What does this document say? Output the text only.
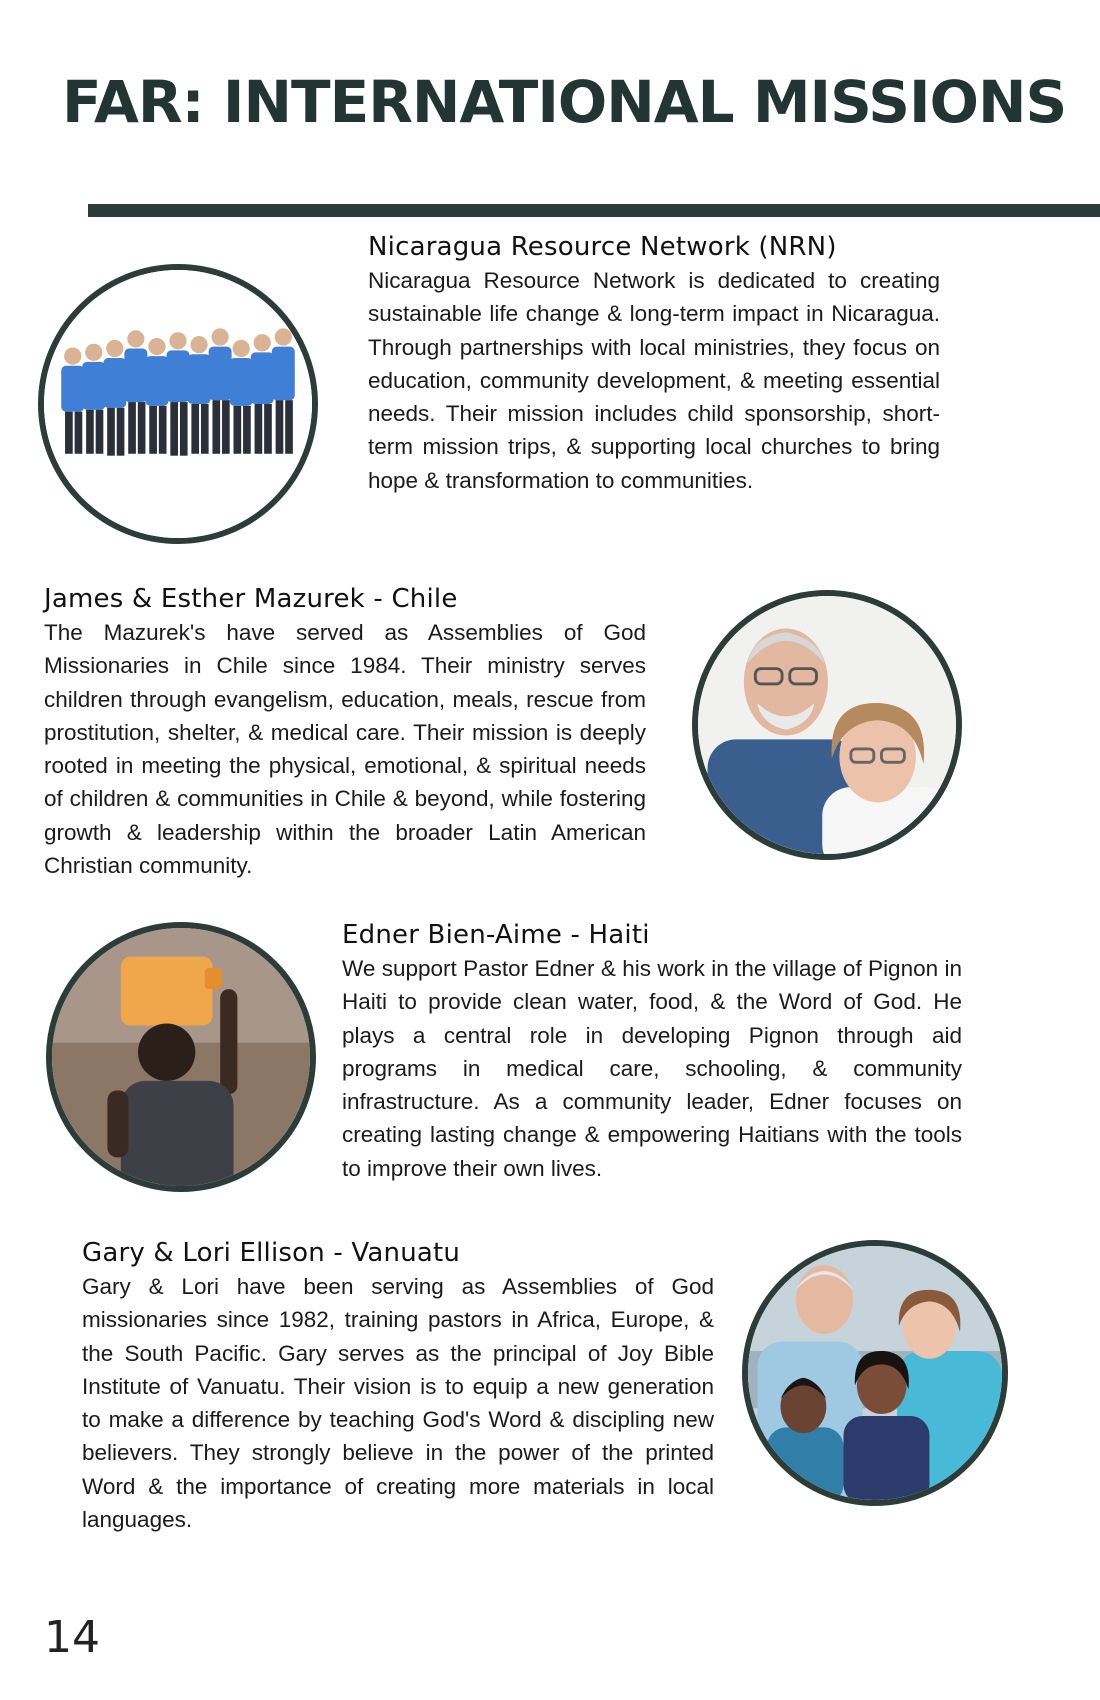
FAR: INTERNATIONAL MISSIONS
Nicaragua Resource Network (NRN)

Nicaragua Resource Network is dedicated to creating sustainable life change & long-term impact in Nicaragua. Through partnerships with local ministries, they focus on education, community development, & meeting essential needs. Their mission includes child sponsorship, short-term mission trips, & supporting local churches to bring hope & transformation to communities.

James & Esther Mazurek - Chile

The Mazurek's have served as Assemblies of God Missionaries in Chile since 1984. Their ministry serves children through evangelism, education, meals, rescue from prostitution, shelter, & medical care. Their mission is deeply rooted in meeting the physical, emotional, & spiritual needs of children & communities in Chile & beyond, while fostering growth & leadership within the broader Latin American Christian community.

Edner Bien-Aime - Haiti

We support Pastor Edner & his work in the village of Pignon in Haiti to provide clean water, food, & the Word of God. He plays a central role in developing Pignon through aid programs in medical care, schooling, & community infrastructure. As a community leader, Edner focuses on creating lasting change & empowering Haitians with the tools to improve their own lives.

Gary & Lori Ellison - Vanuatu

Gary & Lori have been serving as Assemblies of God missionaries since 1982, training pastors in Africa, Europe, & the South Pacific. Gary serves as the principal of Joy Bible Institute of Vanuatu. Their vision is to equip a new generation to make a difference by teaching God's Word & discipling new believers. They strongly believe in the power of the printed Word & the importance of creating more materials in local languages.

14
